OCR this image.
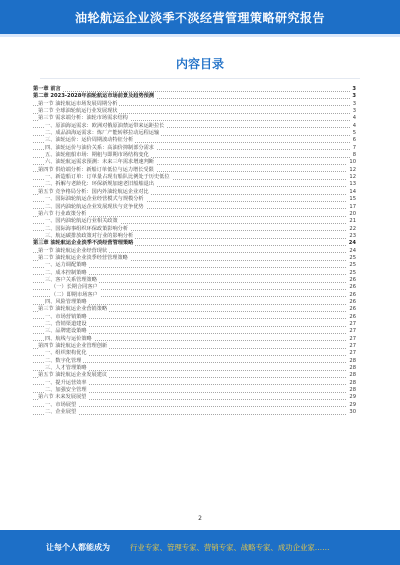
油轮航运企业淡季不淡经营管理策略研究报告
内容目录
第一章 前言	3
第二章 2023-2028年油轮航运市场前景及趋势预测	3
第一节 油轮航运市场发展周期分析	3
第二节 全球油轮航运行业发展现状	3
第三节 需求端分析：油轮市场需求结构	4
一、原油海运需求：欧洲对俄原油禁运带来运距拉长	4
二、成品油海运需求：炼厂产能转移拉动远程运输	5
三、油轮运价：运价周期波动特征分析	6
四、油轮运价与油价关系：高油价抑制部分需求	7
五、油轮租船市场：期租与即期市场结构变化	8
六、油轮航运需求预测：未来三年需求增速判断	10
第四节 供给端分析：新船订单低位与运力增长受限	12
一、新造船订单：订单量占现有船队比例处于历史低位	12
二、拆解与老龄化：环保新规加速老旧船舶退出	13
第五节 竞争格局分析：国内外油轮航运企业对比	14
一、国际油轮航运企业经营模式与规模分析	15
二、国内油轮航运企业发展现状与竞争优势	17
第六节 行业政策分析	20
一、国内油轮航运行业相关政策	21
二、国际海事组织环保政策影响分析	22
三、航运碳排放政策对行业的影响分析	23
第三章 油轮航运企业淡季不淡经营管理策略	24
第一节 油轮航运企业经营现状	24
第二节 油轮航运企业淡季经营管理策略	25
一、运力调配策略	25
二、成本控制策略	25
三、客户关系管理策略	26
（一）长期合同客户	26
（二）即期市场客户	26
四、风险管理策略	26
第三节 油轮航运企业营销策略	26
一、市场营销策略	26
二、营销渠道建设	27
三、品牌建设策略	27
四、航线与运价策略	27
第四节 油轮航运企业管理创新	27
一、组织架构优化	27
二、数字化管理	28
三、人才管理策略	28
第五节 油轮航运企业发展建议	28
一、提升运营效率	28
二、加强安全管理	28
第六节 未来发展展望	29
一、市场展望	29
二、企业展望	30
2
让每个人都能成为	行业专家、管理专家、营销专家、战略专家、成功企业家……
